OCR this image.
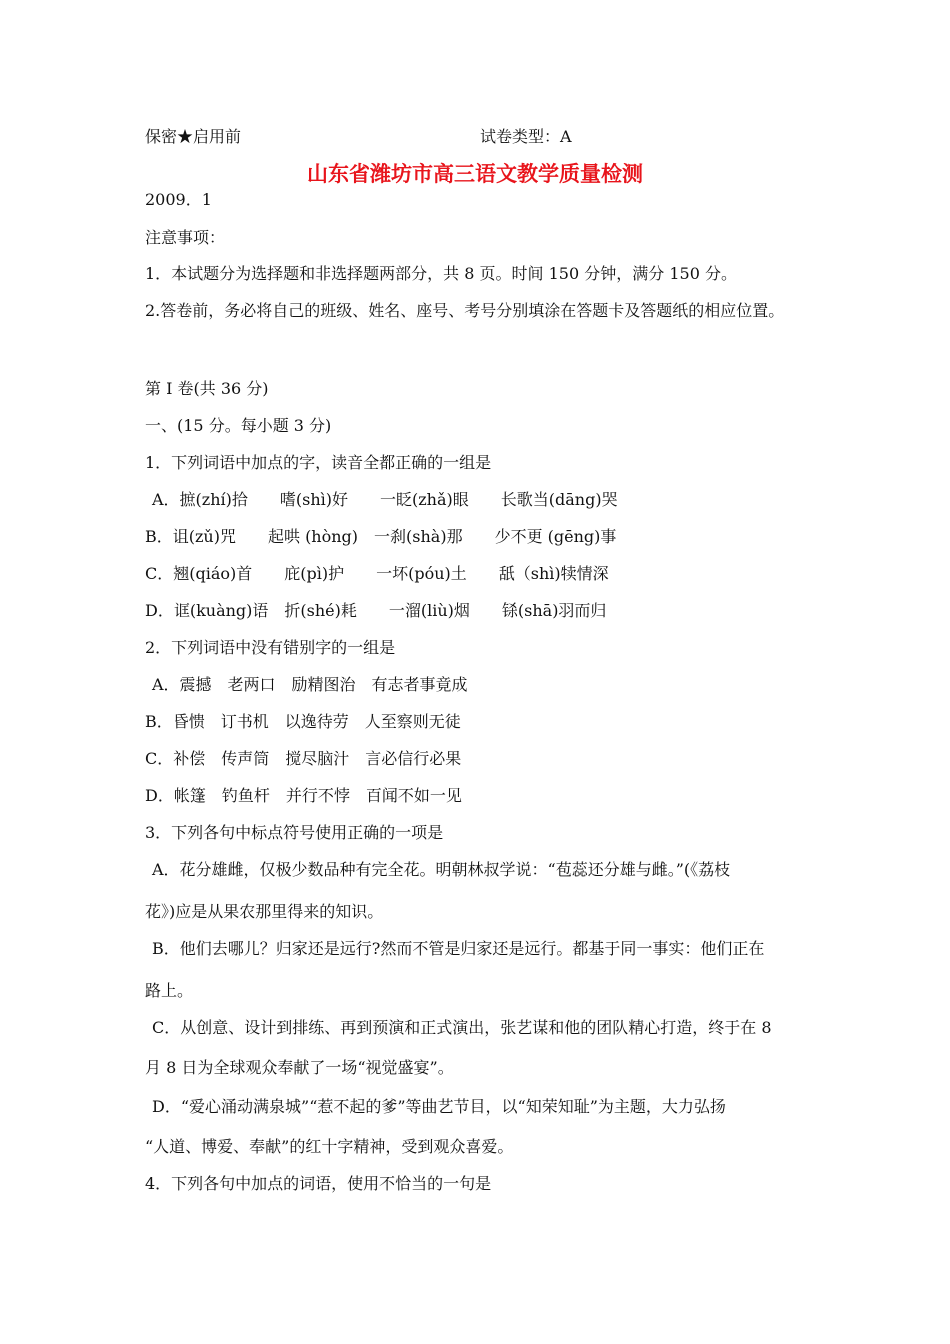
保密★启用前	试卷类型：A
山东省潍坊市高三语文教学质量检测
2009．1
注意事项：
1．本试题分为选择题和非选择题两部分，共 8 页。时间 150 分钟，满分 150 分。
2.答卷前，务必将自己的班级、姓名、座号、考号分别填涂在答题卡及答题纸的相应位置。
第 I 卷(共 36 分)
一、(15 分。每小题 3 分)
1．下列词语中加点的字，读音全都正确的一组是
A．摭(zhí)拾　　嗜(shì)好　　一眨(zhǎ)眼　　长歌当(dāng)哭
B．诅(zǔ)咒　　起哄 (hòng)　一刹(shà)那　　少不更 (gēng)事
C．翘(qiáo)首　　庇(pì)护　　一坏(póu)土　　舐（shì)犊情深
D．诓(kuàng)语　折(shé)耗　　一溜(liù)烟　　铩(shā)羽而归
2．下列词语中没有错别字的一组是
A．震撼　老两口　励精图治　有志者事竟成
B．昏愦　订书机　以逸待劳　人至察则无徒
C．补偿　传声筒　搅尽脑汁　言必信行必果
D．帐篷　钓鱼杆　并行不悖　百闻不如一见
3．下列各句中标点符号使用正确的一项是
A．花分雄雌，仅极少数品种有完全花。明朝林叔学说：“苞蕊还分雄与雌。”(《荔枝
花》)应是从果农那里得来的知识。
B．他们去哪儿？归家还是远行?然而不管是归家还是远行。都基于同一事实：他们正在
路上。
C．从创意、设计到排练、再到预演和正式演出，张艺谋和他的团队精心打造，终于在 8
月 8 日为全球观众奉献了一场“视觉盛宴”。
D．“爱心涌动满泉城”“惹不起的爹”等曲艺节目，以“知荣知耻”为主题，大力弘扬
“人道、博爱、奉献”的红十字精神，受到观众喜爱。
4．下列各句中加点的词语，使用不恰当的一句是
